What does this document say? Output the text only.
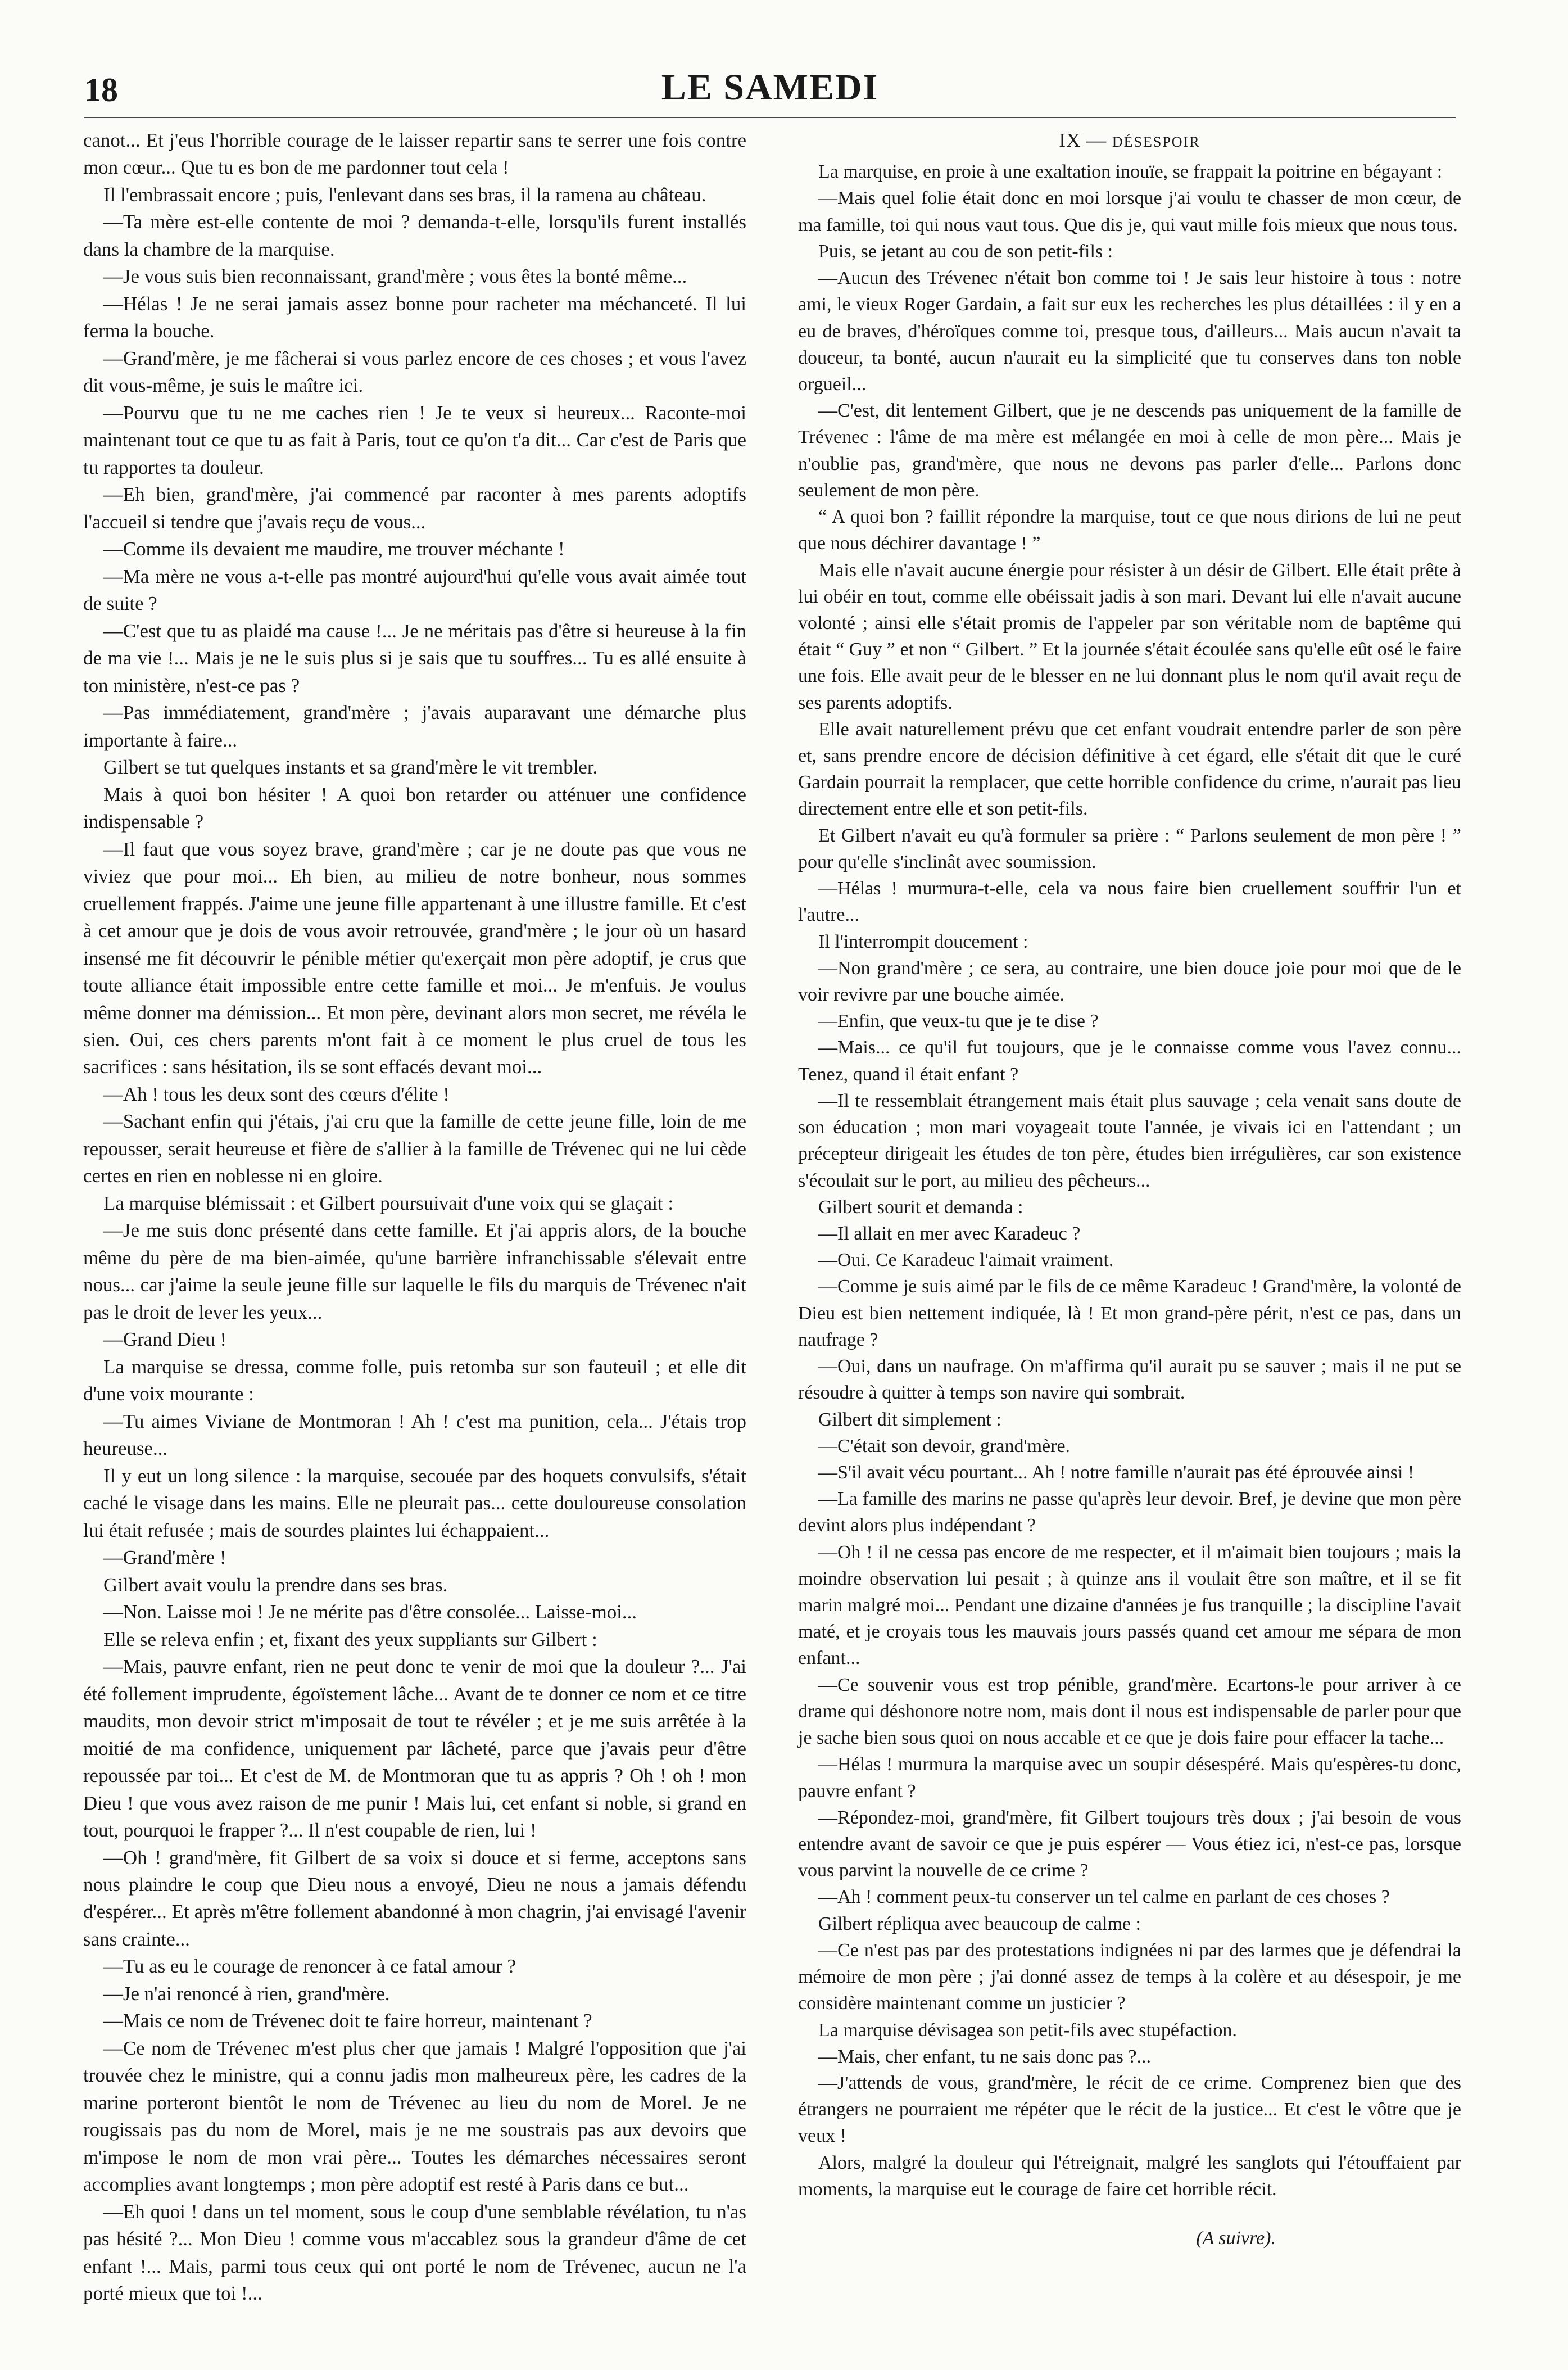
18	LE SAMEDI

canot... Et j'eus l'horrible courage de le laisser repartir sans te serrer une fois contre mon cœur... Que tu es bon de me pardonner tout cela !

Il l'embrassait encore ; puis, l'enlevant dans ses bras, il la ramena au château.

—Ta mère est-elle contente de moi ? demanda-t-elle, lorsqu'ils furent installés dans la chambre de la marquise.

—Je vous suis bien reconnaissant, grand'mère ; vous êtes la bonté même...

—Hélas ! Je ne serai jamais assez bonne pour racheter ma méchanceté. Il lui ferma la bouche.

—Grand'mère, je me fâcherai si vous parlez encore de ces choses ; et vous l'avez dit vous-même, je suis le maître ici.

—Pourvu que tu ne me caches rien ! Je te veux si heureux... Raconte-moi maintenant tout ce que tu as fait à Paris, tout ce qu'on t'a dit... Car c'est de Paris que tu rapportes ta douleur.

—Eh bien, grand'mère, j'ai commencé par raconter à mes parents adoptifs l'accueil si tendre que j'avais reçu de vous...

—Comme ils devaient me maudire, me trouver méchante !

—Ma mère ne vous a-t-elle pas montré aujourd'hui qu'elle vous avait aimée tout de suite ?

—C'est que tu as plaidé ma cause !... Je ne méritais pas d'être si heureuse à la fin de ma vie !... Mais je ne le suis plus si je sais que tu souffres... Tu es allé ensuite à ton ministère, n'est-ce pas ?

—Pas immédiatement, grand'mère ; j'avais auparavant une démarche plus importante à faire...

Gilbert se tut quelques instants et sa grand'mère le vit trembler.

Mais à quoi bon hésiter ! A quoi bon retarder ou atténuer une confidence indispensable ?

—Il faut que vous soyez brave, grand'mère ; car je ne doute pas que vous ne viviez que pour moi... Eh bien, au milieu de notre bonheur, nous sommes cruellement frappés. J'aime une jeune fille appartenant à une illustre famille. Et c'est à cet amour que je dois de vous avoir retrouvée, grand'mère ; le jour où un hasard insensé me fit découvrir le pénible métier qu'exerçait mon père adoptif, je crus que toute alliance était impossible entre cette famille et moi... Je m'enfuis. Je voulus même donner ma démission... Et mon père, devinant alors mon secret, me révéla le sien. Oui, ces chers parents m'ont fait à ce moment le plus cruel de tous les sacrifices : sans hésitation, ils se sont effacés devant moi...

—Ah ! tous les deux sont des cœurs d'élite !

—Sachant enfin qui j'étais, j'ai cru que la famille de cette jeune fille, loin de me repousser, serait heureuse et fière de s'allier à la famille de Trévenec qui ne lui cède certes en rien en noblesse ni en gloire.

La marquise blémissait : et Gilbert poursuivait d'une voix qui se glaçait :

—Je me suis donc présenté dans cette famille. Et j'ai appris alors, de la bouche même du père de ma bien-aimée, qu'une barrière infranchissable s'élevait entre nous... car j'aime la seule jeune fille sur laquelle le fils du marquis de Trévenec n'ait pas le droit de lever les yeux...

—Grand Dieu !

La marquise se dressa, comme folle, puis retomba sur son fauteuil ; et elle dit d'une voix mourante :

—Tu aimes Viviane de Montmoran ! Ah ! c'est ma punition, cela... J'étais trop heureuse...

Il y eut un long silence : la marquise, secouée par des hoquets convulsifs, s'était caché le visage dans les mains. Elle ne pleurait pas... cette douloureuse consolation lui était refusée ; mais de sourdes plaintes lui échappaient...

—Grand'mère !

Gilbert avait voulu la prendre dans ses bras.

—Non. Laisse moi ! Je ne mérite pas d'être consolée... Laisse-moi...

Elle se releva enfin ; et, fixant des yeux suppliants sur Gilbert :

—Mais, pauvre enfant, rien ne peut donc te venir de moi que la douleur ?... J'ai été follement imprudente, égoïstement lâche... Avant de te donner ce nom et ce titre maudits, mon devoir strict m'imposait de tout te révéler ; et je me suis arrêtée à la moitié de ma confidence, uniquement par lâcheté, parce que j'avais peur d'être repoussée par toi... Et c'est de M. de Montmoran que tu as appris ? Oh ! oh ! mon Dieu ! que vous avez raison de me punir ! Mais lui, cet enfant si noble, si grand en tout, pourquoi le frapper ?... Il n'est coupable de rien, lui !

—Oh ! grand'mère, fit Gilbert de sa voix si douce et si ferme, acceptons sans nous plaindre le coup que Dieu nous a envoyé, Dieu ne nous a jamais défendu d'espérer... Et après m'être follement abandonné à mon chagrin, j'ai envisagé l'avenir sans crainte...

—Tu as eu le courage de renoncer à ce fatal amour ?

—Je n'ai renoncé à rien, grand'mère.

—Mais ce nom de Trévenec doit te faire horreur, maintenant ?

—Ce nom de Trévenec m'est plus cher que jamais ! Malgré l'opposition que j'ai trouvée chez le ministre, qui a connu jadis mon malheureux père, les cadres de la marine porteront bientôt le nom de Trévenec au lieu du nom de Morel. Je ne rougissais pas du nom de Morel, mais je ne me soustrais pas aux devoirs que m'impose le nom de mon vrai père... Toutes les démarches nécessaires seront accomplies avant longtemps ; mon père adoptif est resté à Paris dans ce but...

—Eh quoi ! dans un tel moment, sous le coup d'une semblable révélation, tu n'as pas hésité ?... Mon Dieu ! comme vous m'accablez sous la grandeur d'âme de cet enfant !... Mais, parmi tous ceux qui ont porté le nom de Trévenec, aucun ne l'a porté mieux que toi !...

IX — DÉSESPOIR

La marquise, en proie à une exaltation inouïe, se frappait la poitrine en bégayant :

—Mais quel folie était donc en moi lorsque j'ai voulu te chasser de mon cœur, de ma famille, toi qui nous vaut tous. Que dis je, qui vaut mille fois mieux que nous tous.

Puis, se jetant au cou de son petit-fils :

—Aucun des Trévenec n'était bon comme toi ! Je sais leur histoire à tous : notre ami, le vieux Roger Gardain, a fait sur eux les recherches les plus détaillées : il y en a eu de braves, d'héroïques comme toi, presque tous, d'ailleurs... Mais aucun n'avait ta douceur, ta bonté, aucun n'aurait eu la simplicité que tu conserves dans ton noble orgueil...

—C'est, dit lentement Gilbert, que je ne descends pas uniquement de la famille de Trévenec : l'âme de ma mère est mélangée en moi à celle de mon père... Mais je n'oublie pas, grand'mère, que nous ne devons pas parler d'elle... Parlons donc seulement de mon père.

“ A quoi bon ? faillit répondre la marquise, tout ce que nous dirions de lui ne peut que nous déchirer davantage ! ”

Mais elle n'avait aucune énergie pour résister à un désir de Gilbert. Elle était prête à lui obéir en tout, comme elle obéissait jadis à son mari. Devant lui elle n'avait aucune volonté ; ainsi elle s'était promis de l'appeler par son véritable nom de baptême qui était “ Guy ” et non “ Gilbert. ” Et la journée s'était écoulée sans qu'elle eût osé le faire une fois. Elle avait peur de le blesser en ne lui donnant plus le nom qu'il avait reçu de ses parents adoptifs.

Elle avait naturellement prévu que cet enfant voudrait entendre parler de son père et, sans prendre encore de décision définitive à cet égard, elle s'était dit que le curé Gardain pourrait la remplacer, que cette horrible confidence du crime, n'aurait pas lieu directement entre elle et son petit-fils.

Et Gilbert n'avait eu qu'à formuler sa prière : “ Parlons seulement de mon père ! ” pour qu'elle s'inclinât avec soumission.

—Hélas ! murmura-t-elle, cela va nous faire bien cruellement souffrir l'un et l'autre...

Il l'interrompit doucement :

—Non grand'mère ; ce sera, au contraire, une bien douce joie pour moi que de le voir revivre par une bouche aimée.

—Enfin, que veux-tu que je te dise ?

—Mais... ce qu'il fut toujours, que je le connaisse comme vous l'avez connu... Tenez, quand il était enfant ?

—Il te ressemblait étrangement mais était plus sauvage ; cela venait sans doute de son éducation ; mon mari voyageait toute l'année, je vivais ici en l'attendant ; un précepteur dirigeait les études de ton père, études bien irrégulières, car son existence s'écoulait sur le port, au milieu des pêcheurs...

Gilbert sourit et demanda :

—Il allait en mer avec Karadeuc ?

—Oui. Ce Karadeuc l'aimait vraiment.

—Comme je suis aimé par le fils de ce même Karadeuc ! Grand'mère, la volonté de Dieu est bien nettement indiquée, là ! Et mon grand-père périt, n'est ce pas, dans un naufrage ?

—Oui, dans un naufrage. On m'affirma qu'il aurait pu se sauver ; mais il ne put se résoudre à quitter à temps son navire qui sombrait.

Gilbert dit simplement :

—C'était son devoir, grand'mère.

—S'il avait vécu pourtant... Ah ! notre famille n'aurait pas été éprouvée ainsi !

—La famille des marins ne passe qu'après leur devoir. Bref, je devine que mon père devint alors plus indépendant ?

—Oh ! il ne cessa pas encore de me respecter, et il m'aimait bien toujours ; mais la moindre observation lui pesait ; à quinze ans il voulait être son maître, et il se fit marin malgré moi... Pendant une dizaine d'années je fus tranquille ; la discipline l'avait maté, et je croyais tous les mauvais jours passés quand cet amour me sépara de mon enfant...

—Ce souvenir vous est trop pénible, grand'mère. Ecartons-le pour arriver à ce drame qui déshonore notre nom, mais dont il nous est indispensable de parler pour que je sache bien sous quoi on nous accable et ce que je dois faire pour effacer la tache...

—Hélas ! murmura la marquise avec un soupir désespéré. Mais qu'espères-tu donc, pauvre enfant ?

—Répondez-moi, grand'mère, fit Gilbert toujours très doux ; j'ai besoin de vous entendre avant de savoir ce que je puis espérer — Vous étiez ici, n'est-ce pas, lorsque vous parvint la nouvelle de ce crime ?

—Ah ! comment peux-tu conserver un tel calme en parlant de ces choses ?

Gilbert répliqua avec beaucoup de calme :

—Ce n'est pas par des protestations indignées ni par des larmes que je défendrai la mémoire de mon père ; j'ai donné assez de temps à la colère et au désespoir, je me considère maintenant comme un justicier ?

La marquise dévisagea son petit-fils avec stupéfaction.

—Mais, cher enfant, tu ne sais donc pas ?...

—J'attends de vous, grand'mère, le récit de ce crime. Comprenez bien que des étrangers ne pourraient me répéter que le récit de la justice... Et c'est le vôtre que je veux !

Alors, malgré la douleur qui l'étreignait, malgré les sanglots qui l'étouffaient par moments, la marquise eut le courage de faire cet horrible récit.

(A suivre).
